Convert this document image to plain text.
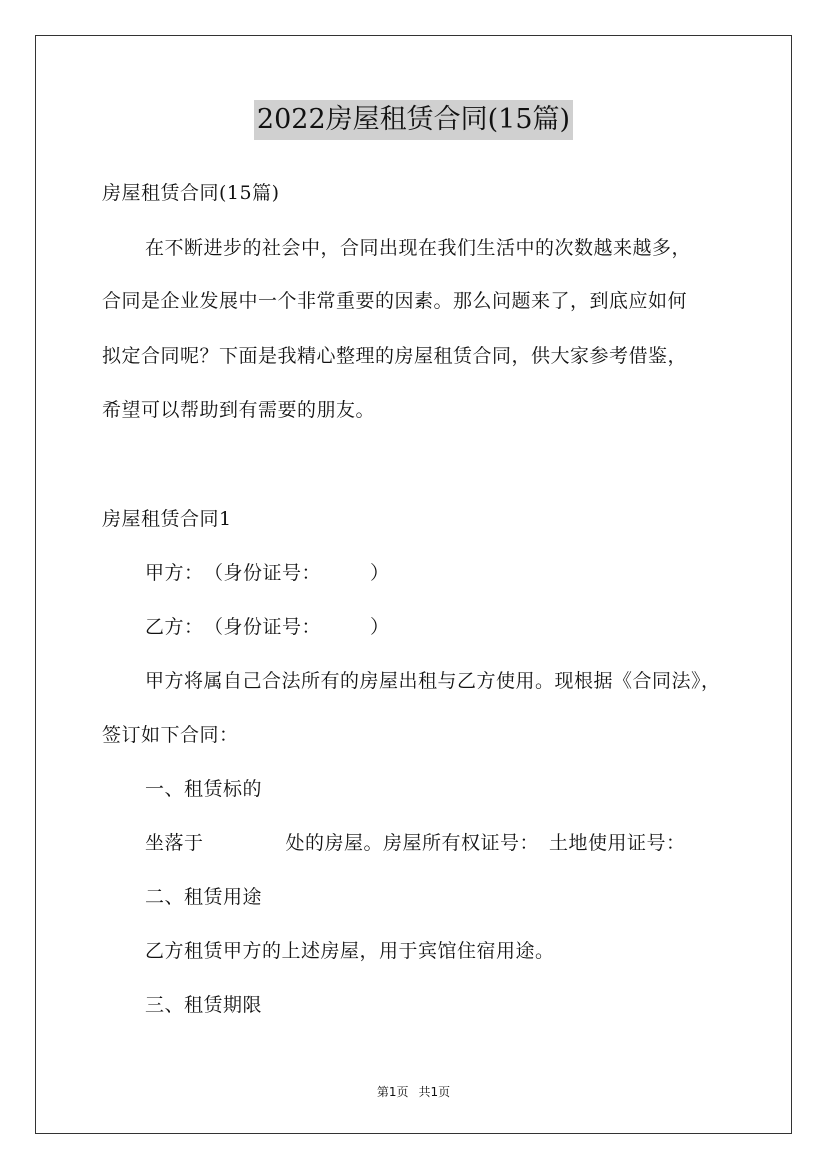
2022房屋租赁合同(15篇)
房屋租赁合同(15篇)
在不断进步的社会中，合同出现在我们生活中的次数越来越多，
合同是企业发展中一个非常重要的因素。那么问题来了，到底应如何
拟定合同呢？下面是我精心整理的房屋租赁合同，供大家参考借鉴，
希望可以帮助到有需要的朋友。
房屋租赁合同1
甲方：　（身份证号：　　　）
乙方：　（身份证号：　　　）
甲方将属自己合法所有的房屋出租与乙方使用。现根据《合同法》，
签订如下合同：
一、租赁标的
坐落于	处的房屋。房屋所有权证号： 土地使用证号：
二、租赁用途
乙方租赁甲方的上述房屋，用于宾馆住宿用途。
三、租赁期限
第1页 共1页
